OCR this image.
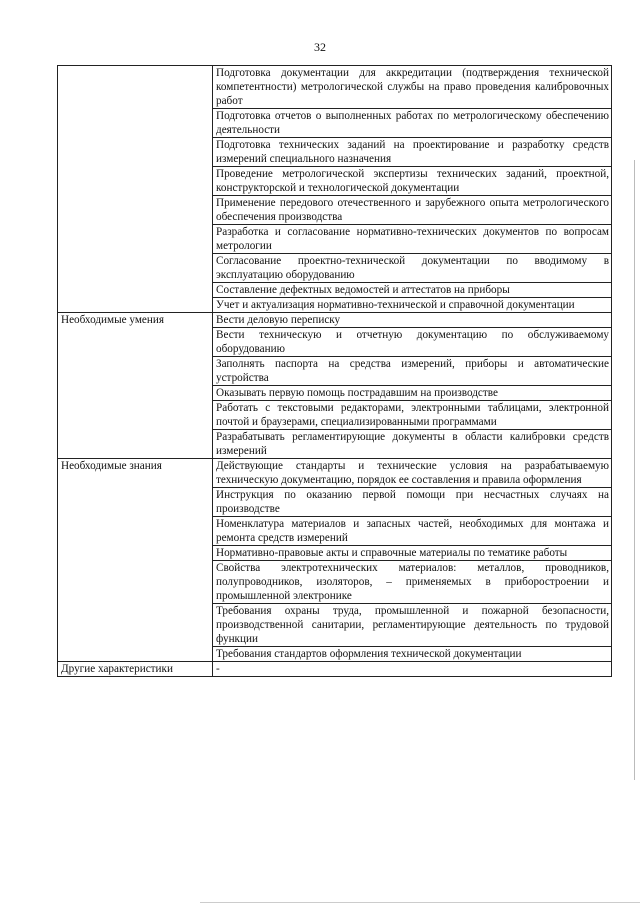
32

	Подготовка документации для аккредитации (подтверждения технической компетентности) метрологической службы на право проведения калибровочных работ

	Подготовка отчетов о выполненных работах по метрологическому обеспечению деятельности

	Подготовка технических заданий на проектирование и разработку средств измерений специального назначения

	Проведение метрологической экспертизы технических заданий, проектной, конструкторской и технологической документации

	Применение передового отечественного и зарубежного опыта метрологического обеспечения производства

	Разработка и согласование нормативно-технических документов по вопросам метрологии

	Согласование проектно-технической документации по вводимому в эксплуатацию оборудованию

	Составление дефектных ведомостей и аттестатов на приборы

	Учет и актуализация нормативно-технической и справочной документации

Необходимые умения	Вести деловую переписку

	Вести техническую и отчетную документацию по обслуживаемому оборудованию

	Заполнять паспорта на средства измерений, приборы и автоматические устройства

	Оказывать первую помощь пострадавшим на производстве

	Работать с текстовыми редакторами, электронными таблицами, электронной почтой и браузерами, специализированными программами

	Разрабатывать регламентирующие документы в области калибровки средств измерений

Необходимые знания	Действующие стандарты и технические условия на разрабатываемую техническую документацию, порядок ее составления и правила оформления

	Инструкция по оказанию первой помощи при несчастных случаях на производстве

	Номенклатура материалов и запасных частей, необходимых для монтажа и ремонта средств измерений

	Нормативно-правовые акты и справочные материалы по тематике работы

	Свойства электротехнических материалов: металлов, проводников, полупроводников, изоляторов, – применяемых в приборостроении и промышленной электронике

	Требования охраны труда, промышленной и пожарной безопасности, производственной санитарии, регламентирующие деятельность по трудовой функции

	Требования стандартов оформления технической документации

Другие характеристики	-
